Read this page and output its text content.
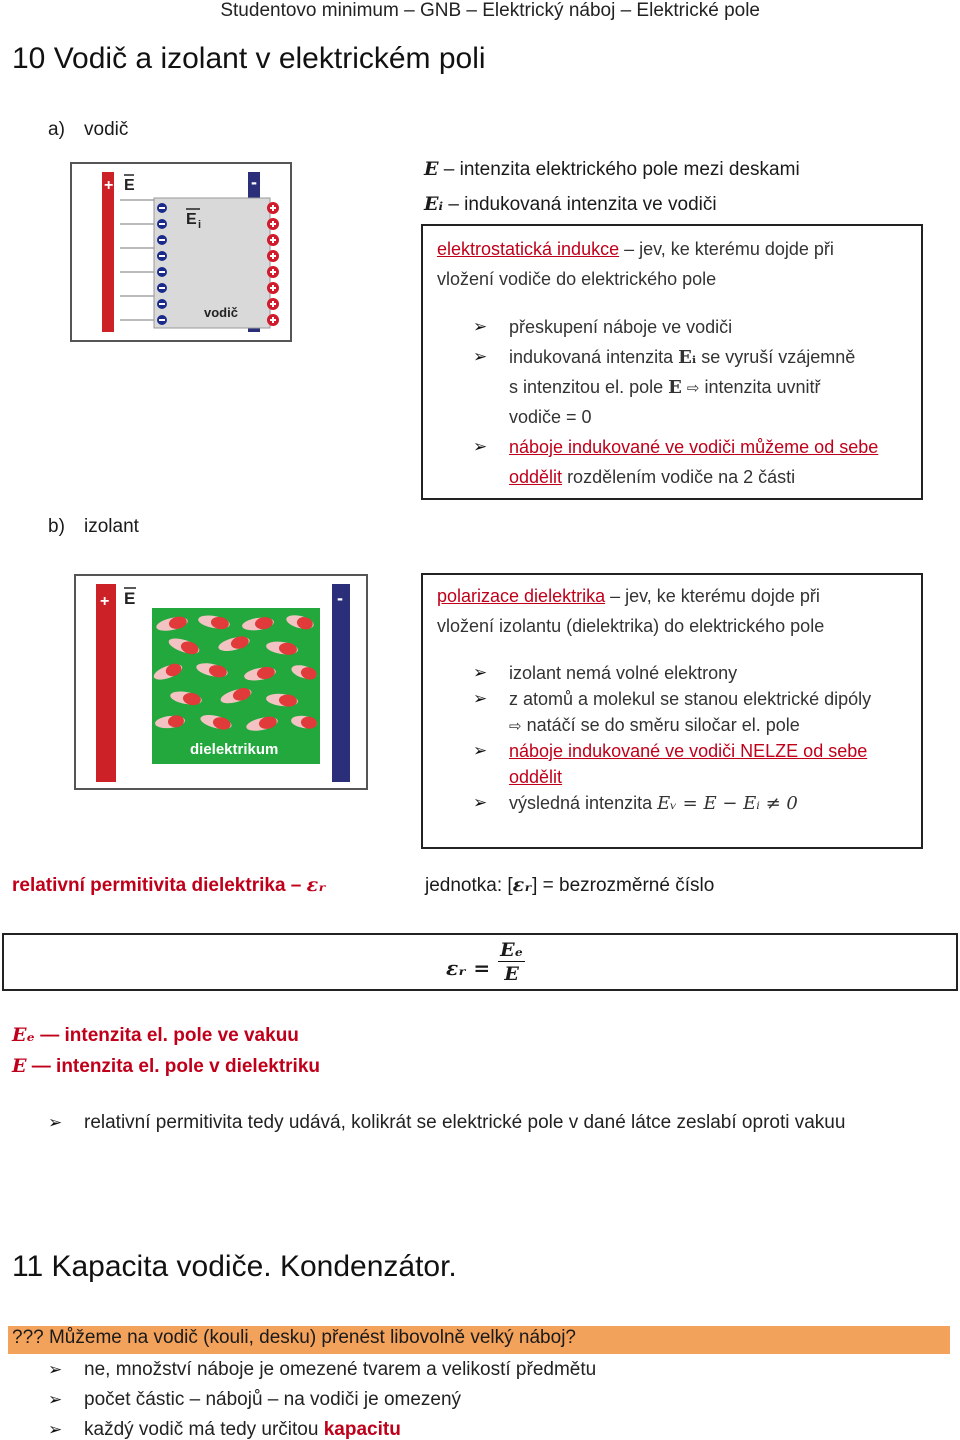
Studentovo minimum – GNB – Elektrický náboj – Elektrické pole
10 Vodič a izolant v elektrickém poli
a) vodič
+	-
E
E i
vodič
E – intenzita elektrického pole mezi deskami
Eᵢ – indukovaná intenzita ve vodiči
elektrostatická indukce – jev, ke kterému dojde při
vložení vodiče do elektrického pole
➢ přeskupení náboje ve vodiči
➢ indukovaná intenzita Eᵢ se vyruší vzájemně
s intenzitou el. pole E ⇨ intenzita uvnitř
vodiče = 0
➢ náboje indukované ve vodiči můžeme od sebe
oddělit rozdělením vodiče na 2 části
b) izolant
+	-
E
dielektrikum
polarizace dielektrika – jev, ke kterému dojde při
vložení izolantu (dielektrika) do elektrického pole
➢ izolant nemá volné elektrony
➢ z atomů a molekul se stanou elektrické dipóly
⇨ natáčí se do směru siločar el. pole
➢ náboje indukované ve vodiči NELZE od sebe
oddělit
➢ výsledná intenzita Eᵥ = E − Eᵢ ≠ 0
relativní permitivita dielektrika – εᵣ	jednotka: [εᵣ] = bezrozměrné číslo
εᵣ = $\frac{\text{Eₑ}}{E}$
Eₑ — intenzita el. pole ve vakuu
E — intenzita el. pole v dielektriku
➢ relativní permitivita tedy udává, kolikrát se elektrické pole v dané látce zeslabí oproti vakuu
11 Kapacita vodiče. Kondenzátor.
??? Můžeme na vodič (kouli, desku) přenést libovolně velký náboj?
➢ ne, množství náboje je omezené tvarem a velikostí předmětu
➢ počet částic – nábojů – na vodiči je omezený
➢ každý vodič má tedy určitou kapacitu
